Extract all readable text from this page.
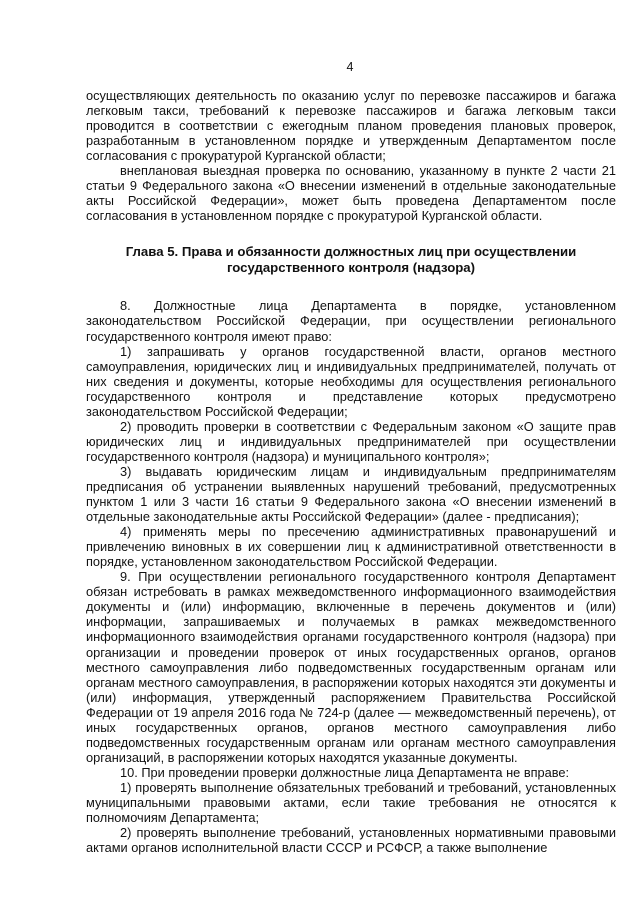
4

осуществляющих деятельность по оказанию услуг по перевозке пассажиров и багажа легковым такси, требований к перевозке пассажиров и багажа легковым такси проводится в соответствии с ежегодным планом проведения плановых проверок, разработанным в установленном порядке и утвержденным Департаментом после согласования с прокуратурой Курганской области;

внеплановая выездная проверка по основанию, указанному в пункте 2 части 21 статьи 9 Федерального закона «О внесении изменений в отдельные законодательные акты Российской Федерации», может быть проведена Департаментом после согласования в установленном порядке с прокуратурой Курганской области.

Глава 5. Права и обязанности должностных лиц при осуществлении
государственного контроля (надзора)

8. Должностные лица Департамента в порядке, установленном законодательством Российской Федерации, при осуществлении регионального государственного контроля имеют право:

1) запрашивать у органов государственной власти, органов местного самоуправления, юридических лиц и индивидуальных предпринимателей, получать от них сведения и документы, которые необходимы для осуществления регионального государственного контроля и представление которых предусмотрено законодательством Российской Федерации;

2) проводить проверки в соответствии с Федеральным законом «О защите прав юридических лиц и индивидуальных предпринимателей при осуществлении государственного контроля (надзора) и муниципального контроля»;

3) выдавать юридическим лицам и индивидуальным предпринимателям предписания об устранении выявленных нарушений требований, предусмотренных пунктом 1 или 3 части 16 статьи 9 Федерального закона «О внесении изменений в отдельные законодательные акты Российской Федерации» (далее - предписания);

4) применять меры по пресечению административных правонарушений и привлечению виновных в их совершении лиц к административной ответственности в порядке, установленном законодательством Российской Федерации.

9. При осуществлении регионального государственного контроля Департамент обязан истребовать в рамках межведомственного информационного взаимодействия документы и (или) информацию, включенные в перечень документов и (или) информации, запрашиваемых и получаемых в рамках межведомственного информационного взаимодействия органами государственного контроля (надзора) при организации и проведении проверок от иных государственных органов, органов местного самоуправления либо подведомственных государственным органам или органам местного самоуправления, в распоряжении которых находятся эти документы и (или) информация, утвержденный распоряжением Правительства Российской Федерации от 19 апреля 2016 года № 724-р (далее — межведомственный перечень), от иных государственных органов, органов местного самоуправления либо подведомственных государственным органам или органам местного самоуправления организаций, в распоряжении которых находятся указанные документы.

10. При проведении проверки должностные лица Департамента не вправе:

1) проверять выполнение обязательных требований и требований, установленных муниципальными правовыми актами, если такие требования не относятся к полномочиям Департамента;

2) проверять выполнение требований, установленных нормативными правовыми актами органов исполнительной власти СССР и РСФСР, а также выполнение
